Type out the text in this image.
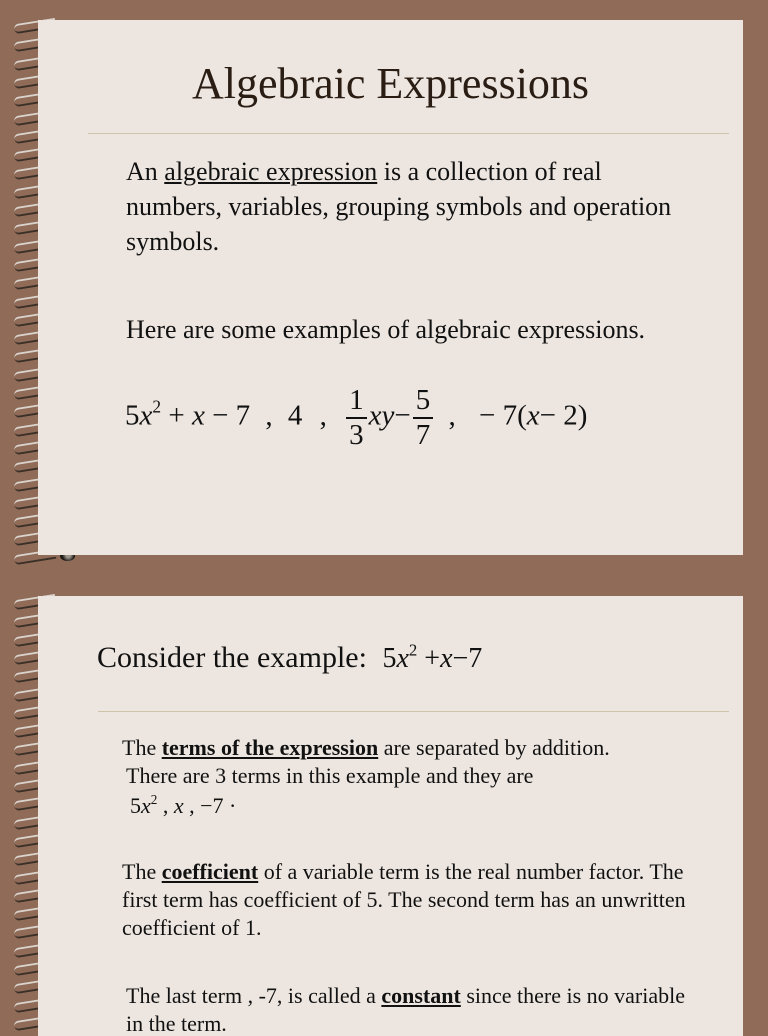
Algebraic Expressions
An algebraic expression is a collection of real numbers, variables, grouping symbols and operation symbols.
Here are some examples of algebraic expressions.
$5x^2 + x - 7$ , 4 , $\frac{1}{3} xy- \frac{5}{7}$ , − 7(x− 2)
Consider the example: $5x^2 +x-7$
The terms of the expression are separated by addition.
There are 3 terms in this example and they are
$5x^2$ , x , −7 ·
The coefficient of a variable term is the real number factor. The first term has coefficient of 5. The second term has an unwritten coefficient of 1.
The last term , -7, is called a constant since there is no variable in the term.
